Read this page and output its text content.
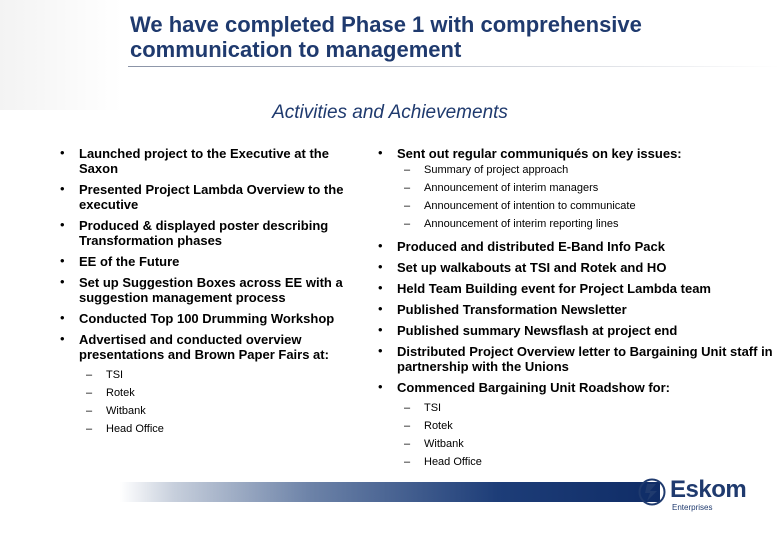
We have completed Phase 1 with comprehensive communication to management
Activities and Achievements
• Launched project to the Executive at the Saxon
• Presented Project Lambda Overview to the executive
• Produced & displayed poster describing Transformation phases
• EE of the Future
• Set up Suggestion Boxes across EE with a suggestion management process
• Conducted Top 100 Drumming Workshop
• Advertised and conducted overview presentations and Brown Paper Fairs at:
– TSI
– Rotek
– Witbank
– Head Office
• Sent out regular communiqués on key issues:
– Summary of project approach
– Announcement of interim managers
– Announcement of intention to communicate
– Announcement of interim reporting lines
• Produced and distributed E-Band Info Pack
• Set up walkabouts at TSI and Rotek and HO
• Held Team Building event for Project Lambda team
• Published Transformation Newsletter
• Published summary Newsflash at project end
• Distributed Project Overview letter to Bargaining Unit staff in partnership with the Unions
• Commenced Bargaining Unit Roadshow for:
– TSI
– Rotek
– Witbank
– Head Office
Eskom
Enterprises
